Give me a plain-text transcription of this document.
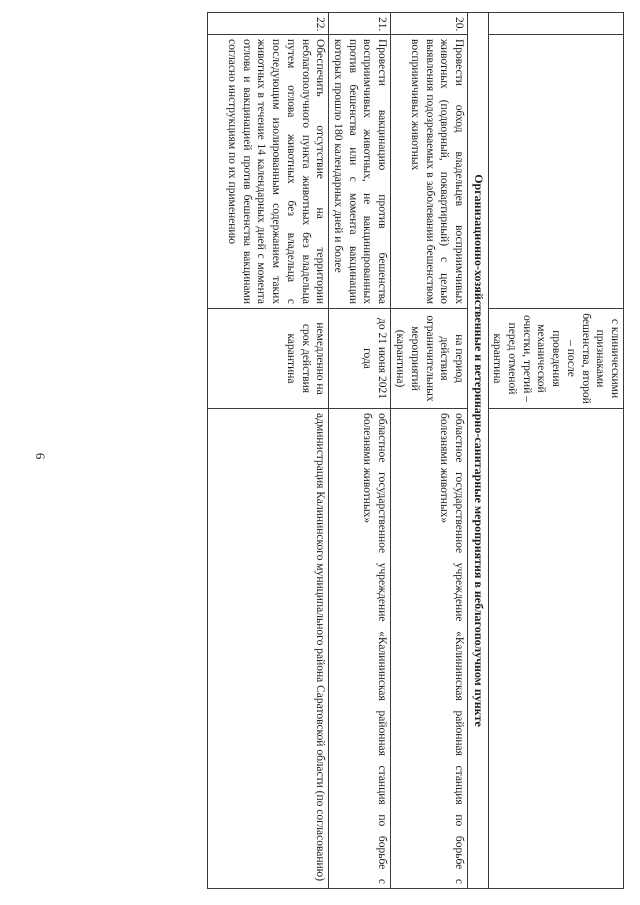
6
		с клиническими признаками бешенства, второй – после проведения механической очистки, третий – перед отменой карантина	
Организационно-хозяйственные и ветеринарно-санитарные мероприятия в неблагополучном пункте			
20.	Провести обход владельцев восприимчивых животных (подворный, поквартирный) с целью выявления подозреваемых в заболевании бешенством восприимчивых животных	на период действия ограничительных мероприятий (карантина)	областное государственное учреждение «Калининская районная станция по борьбе с болезнями животных»
21.	Провести вакцинацию против бешенства восприимчивых животных, не вакцинированных против бешенства или с момента вакцинации которых прошло 180 календарных дней и более	до 21 июня 2021 года	областное государственное учреждение «Калининская районная станция по борьбе с болезнями животных»
22.	Обеспечить отсутствие на территории неблагополучного пункта животных без владельца путем отлова животных без владельца с последующим изолированным содержанием таких животных в течение 14 календарных дней с момента отлова и вакцинацией против бешенства вакцинами согласно инструкциям по их применению	немедленно на срок действия карантина	администрация Калининского муниципального района Саратовской области (по согласованию)
